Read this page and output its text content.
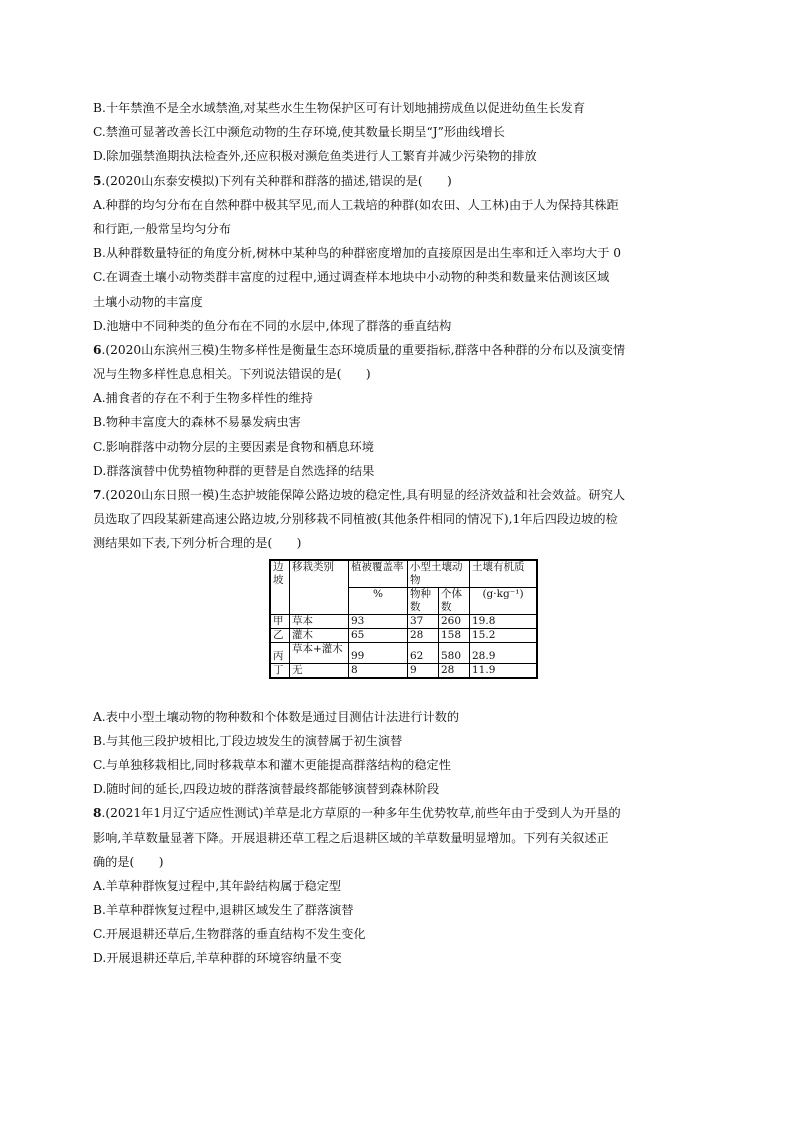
B.十年禁渔不是全水域禁渔,对某些水生生物保护区可有计划地捕捞成鱼以促进幼鱼生长发育
C.禁渔可显著改善长江中濒危动物的生存环境,使其数量长期呈“J”形曲线增长
D.除加强禁渔期执法检查外,还应积极对濒危鱼类进行人工繁育并减少污染物的排放
5.(2020山东泰安模拟)下列有关种群和群落的描述,错误的是(　　)
A.种群的均匀分布在自然种群中极其罕见,而人工栽培的种群(如农田、人工林)由于人为保持其株距
和行距,一般常呈均匀分布
B.从种群数量特征的角度分析,树林中某种鸟的种群密度增加的直接原因是出生率和迁入率均大于 0
C.在调查土壤小动物类群丰富度的过程中,通过调查样本地块中小动物的种类和数量来估测该区域
土壤小动物的丰富度
D.池塘中不同种类的鱼分布在不同的水层中,体现了群落的垂直结构
6.(2020山东滨州三模)生物多样性是衡量生态环境质量的重要指标,群落中各种群的分布以及演变情
况与生物多样性息息相关。下列说法错误的是(　　)
A.捕食者的存在不利于生物多样性的维持
B.物种丰富度大的森林不易暴发病虫害
C.影响群落中动物分层的主要因素是食物和栖息环境
D.群落演替中优势植物种群的更替是自然选择的结果
7.(2020山东日照一模)生态护坡能保障公路边坡的稳定性,具有明显的经济效益和社会效益。研究人
员选取了四段某新建高速公路边坡,分别移栽不同植被(其他条件相同的情况下),1年后四段边坡的检
测结果如下表,下列分析合理的是(　　)
边坡	移栽类别	植被覆盖率	小型土壤动物		土壤有机质
		%	物种数	个体数	(g·kg⁻¹)
甲	草本	93	37	260	19.8
乙	灌木	65	28	158	15.2
丙	草本+灌木	99	62	580	28.9
丁	无	8	9	28	11.9
A.表中小型土壤动物的物种数和个体数是通过目测估计法进行计数的
B.与其他三段护坡相比,丁段边坡发生的演替属于初生演替
C.与单独移栽相比,同时移栽草本和灌木更能提高群落结构的稳定性
D.随时间的延长,四段边坡的群落演替最终都能够演替到森林阶段
8.(2021年1月辽宁适应性测试)羊草是北方草原的一种多年生优势牧草,前些年由于受到人为开垦的
影响,羊草数量显著下降。开展退耕还草工程之后退耕区域的羊草数量明显增加。下列有关叙述正
确的是(　　)
A.羊草种群恢复过程中,其年龄结构属于稳定型
B.羊草种群恢复过程中,退耕区域发生了群落演替
C.开展退耕还草后,生物群落的垂直结构不发生变化
D.开展退耕还草后,羊草种群的环境容纳量不变
